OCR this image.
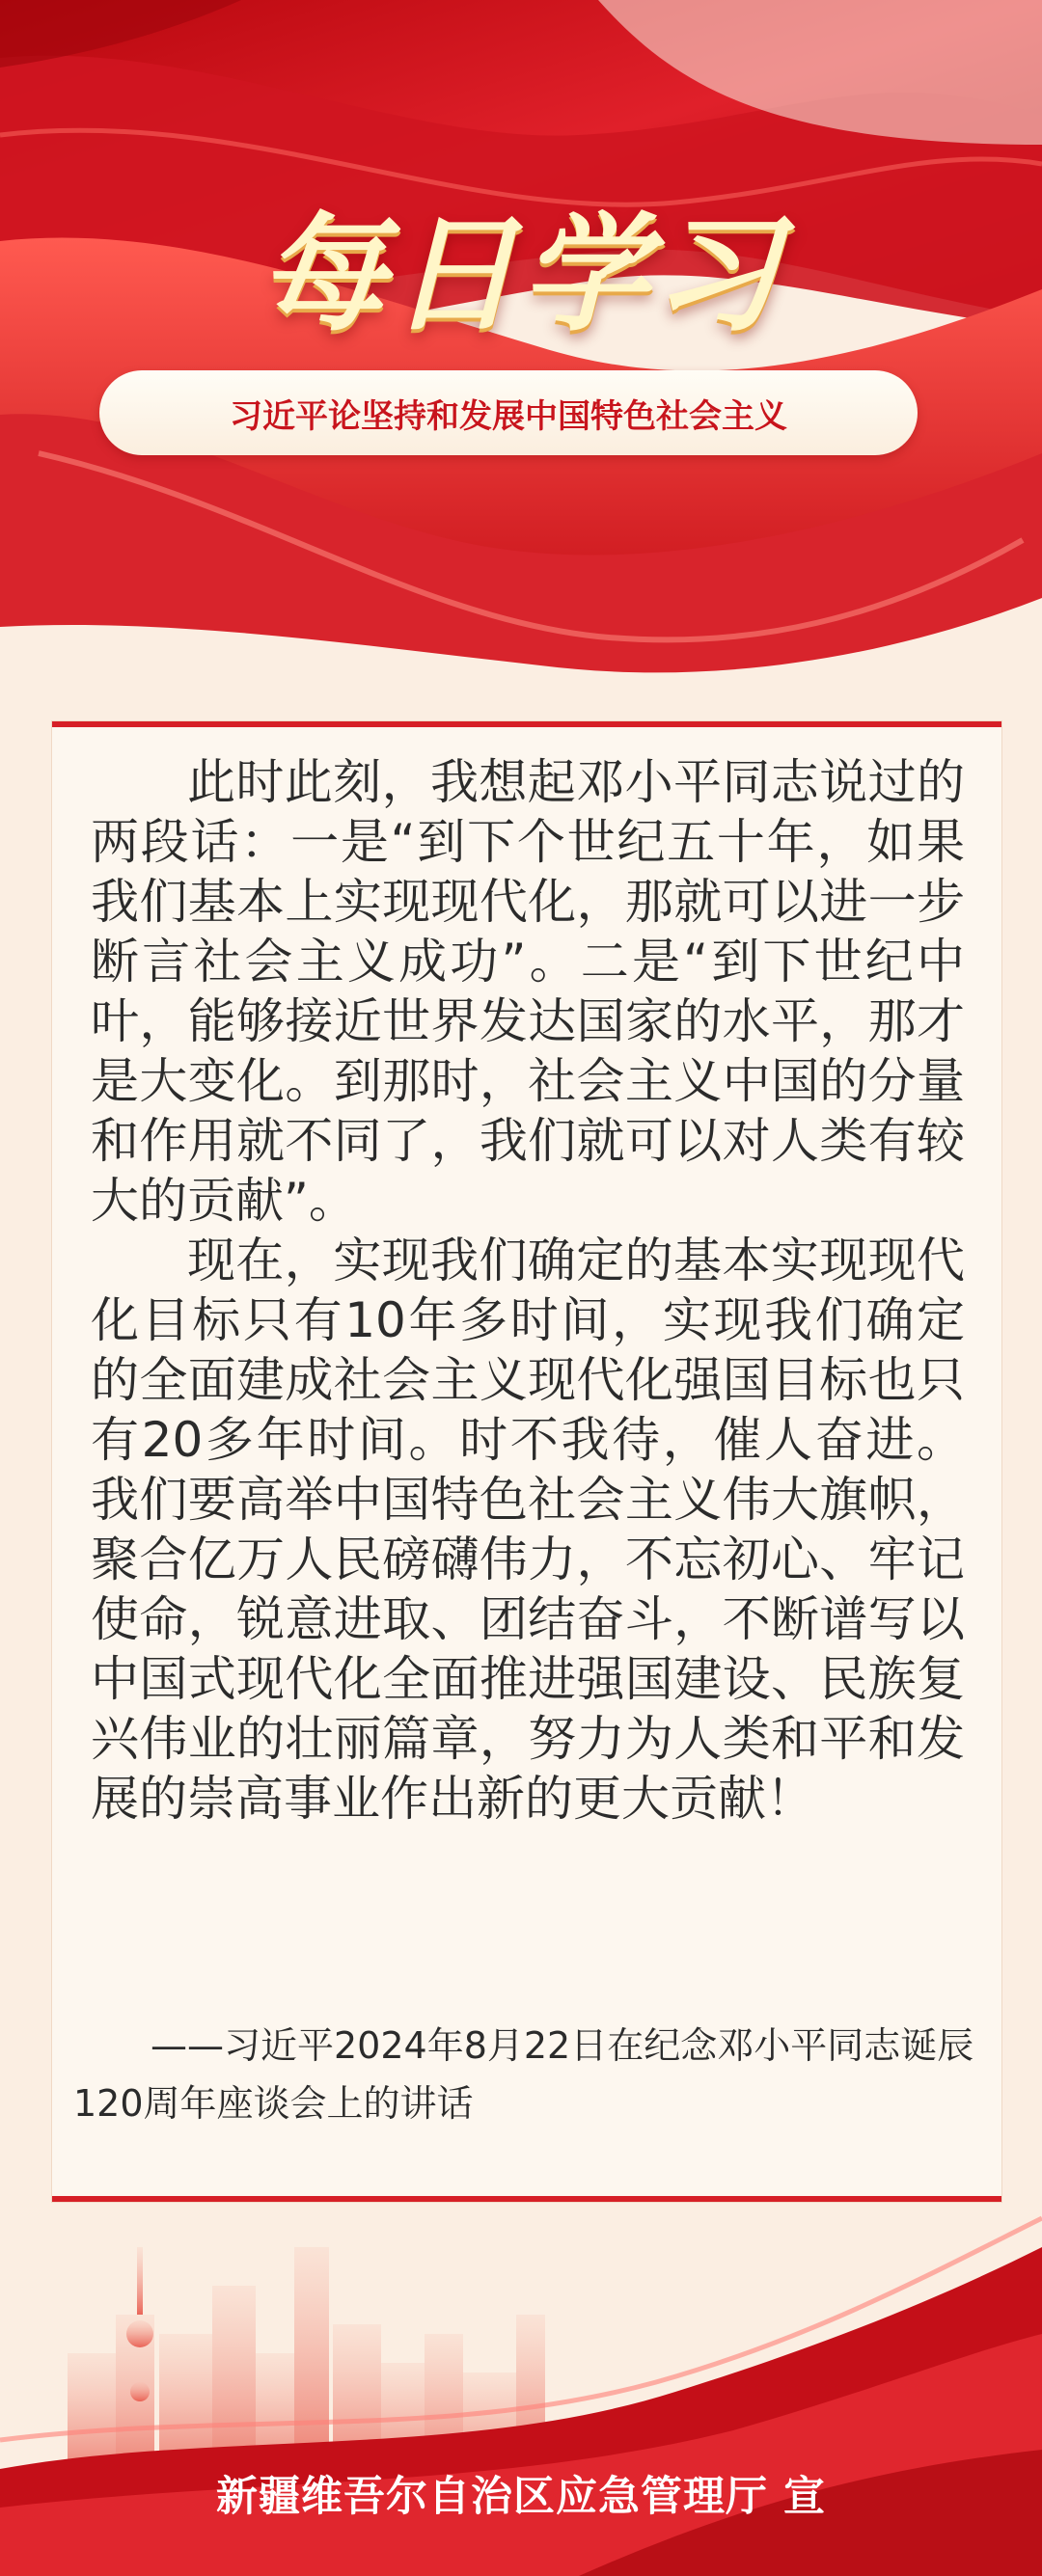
每日学习
习近平论坚持和发展中国特色社会主义

此时此刻，我想起邓小平同志说过的两段话：一是“到下个世纪五十年，如果我们基本上实现现代化，那就可以进一步断言社会主义成功”。二是“到下世纪中叶，能够接近世界发达国家的水平，那才是大变化。到那时，社会主义中国的分量和作用就不同了，我们就可以对人类有较大的贡献”。

现在，实现我们确定的基本实现现代化目标只有10年多时间，实现我们确定的全面建成社会主义现代化强国目标也只有20多年时间。时不我待，催人奋进。我们要高举中国特色社会主义伟大旗帜，聚合亿万人民磅礴伟力，不忘初心、牢记使命，锐意进取、团结奋斗，不断谱写以中国式现代化全面推进强国建设、民族复兴伟业的壮丽篇章，努力为人类和平和发展的崇高事业作出新的更大贡献！

——习近平2024年8月22日在纪念邓小平同志诞辰120周年座谈会上的讲话
新疆维吾尔自治区应急管理厅 宣
